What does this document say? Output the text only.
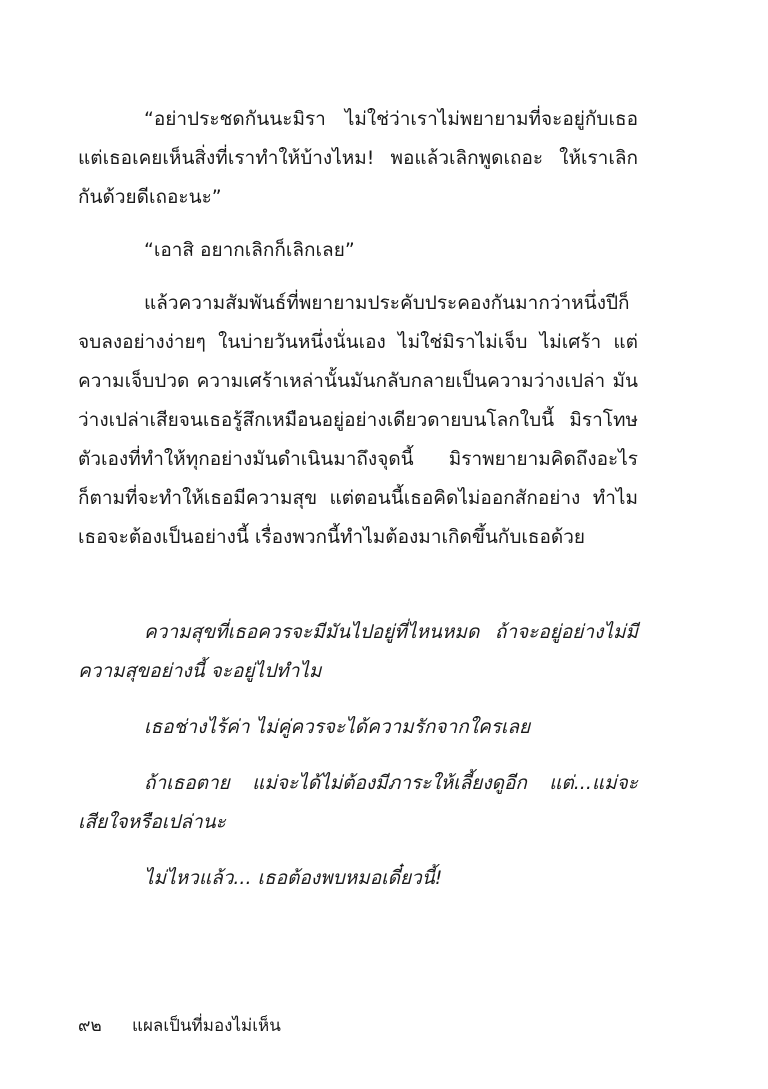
“อย่าประชดกันนะมิรา ไม่ใช่ว่าเราไม่พยายามที่จะอยู่กับเธอ แต่เธอเคยเห็นสิ่งที่เราทำให้บ้างไหม! พอแล้วเลิกพูดเถอะ ให้เราเลิกกันด้วยดีเถอะนะ”

“เอาสิ อยากเลิกก็เลิกเลย”

แล้วความสัมพันธ์ที่พยายามประคับประคองกันมากว่าหนึ่งปีก็จบลงอย่างง่ายๆ ในบ่ายวันหนึ่งนั่นเอง ไม่ใช่มิราไม่เจ็บ ไม่เศร้า แต่ความเจ็บปวด ความเศร้าเหล่านั้นมันกลับกลายเป็นความว่างเปล่า มันว่างเปล่าเสียจนเธอรู้สึกเหมือนอยู่อย่างเดียวดายบนโลกใบนี้ มิราโทษตัวเองที่ทำให้ทุกอย่างมันดำเนินมาถึงจุดนี้ มิราพยายามคิดถึงอะไรก็ตามที่จะทำให้เธอมีความสุข แต่ตอนนี้เธอคิดไม่ออกสักอย่าง ทำไมเธอจะต้องเป็นอย่างนี้ เรื่องพวกนี้ทำไมต้องมาเกิดขึ้นกับเธอด้วย

ความสุขที่เธอควรจะมีมันไปอยู่ที่ไหนหมด ถ้าจะอยู่อย่างไม่มีความสุขอย่างนี้ จะอยู่ไปทำไม

เธอช่างไร้ค่า ไม่คู่ควรจะได้ความรักจากใครเลย

ถ้าเธอตาย แม่จะได้ไม่ต้องมีภาระให้เลี้ยงดูอีก แต่...แม่จะเสียใจหรือเปล่านะ

ไม่ไหวแล้ว... เธอต้องพบหมอเดี๋ยวนี้!

๙๒ แผลเป็นที่มองไม่เห็น
